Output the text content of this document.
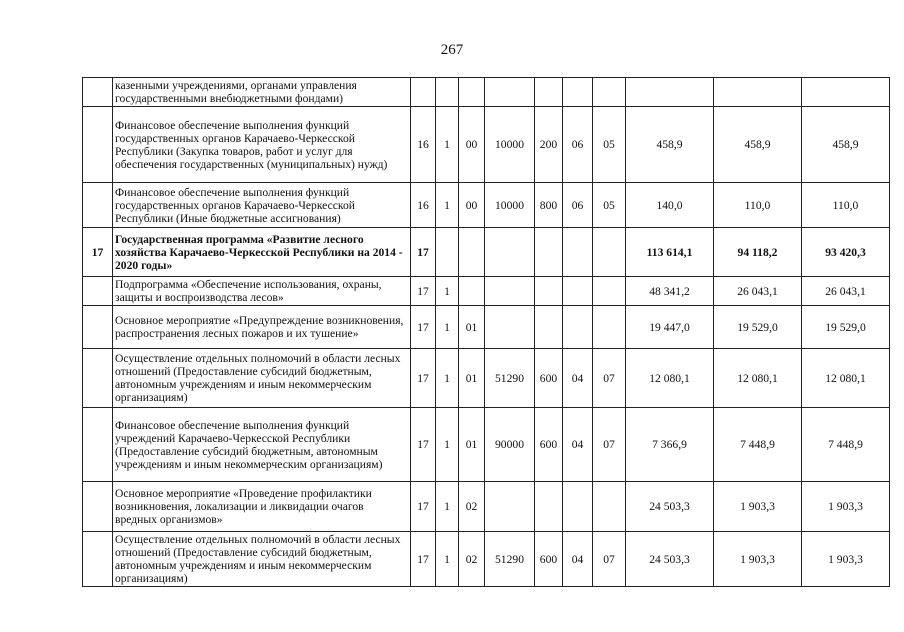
267
	казенными учреждениями, органами управления государственными внебюджетными фондами)										
	Финансовое обеспечение выполнения функций государственных органов Карачаево-Черкесской Республики (Закупка товаров, работ и услуг для обеспечения государственных (муниципальных) нужд)	16	1	00	10000	200	06	05	458,9	458,9	458,9
	Финансовое обеспечение выполнения функций государственных органов Карачаево-Черкесской Республики (Иные бюджетные ассигнования)	16	1	00	10000	800	06	05	140,0	110,0	110,0
17	Государственная программа «Развитие лесного хозяйства Карачаево-Черкесской Республики на 2014 - 2020 годы»	17							113 614,1	94 118,2	93 420,3
	Подпрограмма «Обеспечение использования, охраны, защиты и воспроизводства лесов»	17	1						48 341,2	26 043,1	26 043,1
	Основное мероприятие «Предупреждение возникновения, распространения лесных пожаров и их тушение»	17	1	01					19 447,0	19 529,0	19 529,0
	Осуществление отдельных полномочий в области лесных отношений (Предоставление субсидий бюджетным, автономным учреждениям и иным некоммерческим организациям)	17	1	01	51290	600	04	07	12 080,1	12 080,1	12 080,1
	Финансовое обеспечение выполнения функций учреждений Карачаево-Черкесской Республики (Предоставление субсидий бюджетным, автономным учреждениям и иным некоммерческим организациям)	17	1	01	90000	600	04	07	7 366,9	7 448,9	7 448,9
	Основное мероприятие «Проведение профилактики возникновения, локализации и ликвидации очагов вредных организмов»	17	1	02					24 503,3	1 903,3	1 903,3
	Осуществление отдельных полномочий в области лесных отношений (Предоставление субсидий бюджетным, автономным учреждениям и иным некоммерческим организациям)	17	1	02	51290	600	04	07	24 503,3	1 903,3	1 903,3
